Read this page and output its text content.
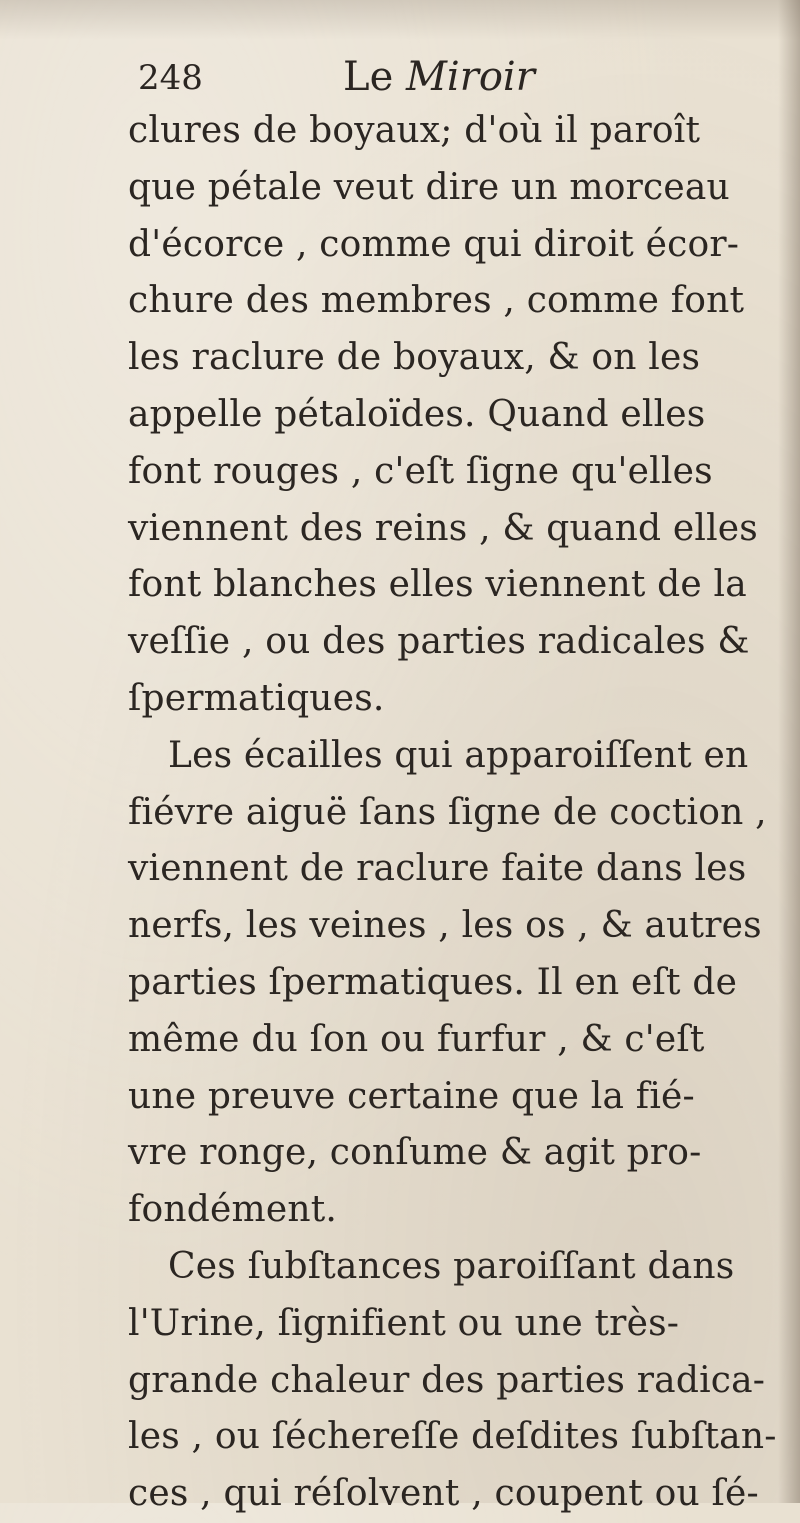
248	Le Miroir
clures de boyaux; d'où il paroît
que pétale veut dire un morceau
d'écorce , comme qui diroit écor-
chure des membres , comme font
les raclure de boyaux, & on les
appelle pétaloïdes. Quand elles
font rouges , c'eſt ſigne qu'elles
viennent des reins , & quand elles
font blanches elles viennent de la
veſſie , ou des parties radicales &
ſpermatiques.
Les écailles qui apparoiſſent en
fiévre aiguë ſans ſigne de coction ,
viennent de raclure faite dans les
nerfs, les veines , les os , & autres
parties ſpermatiques. Il en eſt de
même du ſon ou furfur , & c'eſt
une preuve certaine que la fié-
vre ronge, conſume & agit pro-
fondément.
Ces ſubſtances paroiſſant dans
l'Urine, ſignifient ou une très-
grande chaleur des parties radica-
les , ou ſéchereſſe deſdites ſubſtan-
ces , qui réſolvent , coupent ou ſé-
